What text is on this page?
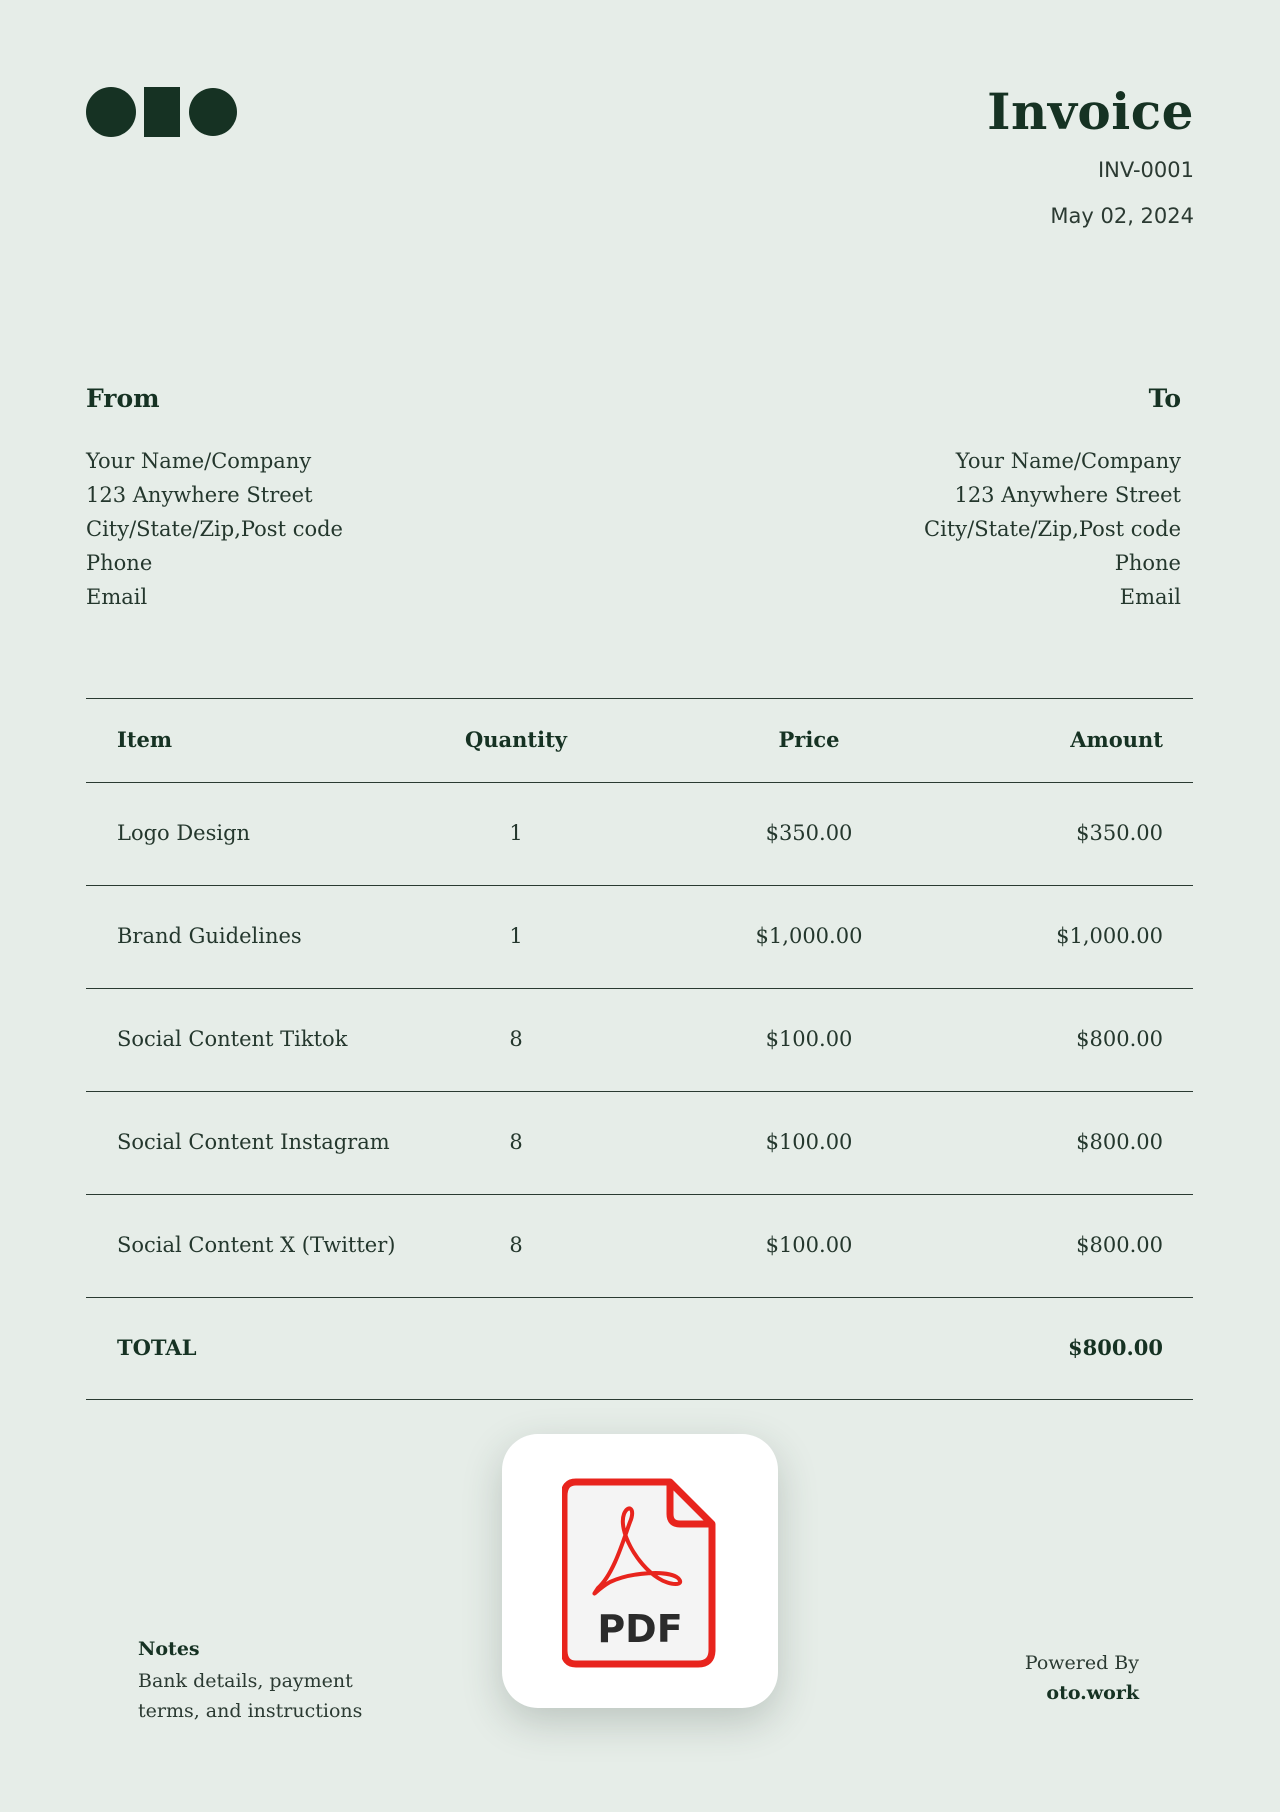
Invoice
INV-0001
May 02, 2024
From	To
Your Name/Company
123 Anywhere Street
City/State/Zip,Post code
Phone
Email
Your Name/Company
123 Anywhere Street
City/State/Zip,Post code
Phone
Email
Item	Quantity	Price	Amount
Logo Design	1	$350.00	$350.00
Brand Guidelines	1	$1,000.00	$1,000.00
Social Content Tiktok	8	$100.00	$800.00
Social Content Instagram	8	$100.00	$800.00
Social Content X (Twitter)	8	$100.00	$800.00
TOTAL	$800.00
PDF
Notes
Bank details, payment
terms, and instructions
Powered By
oto.work
